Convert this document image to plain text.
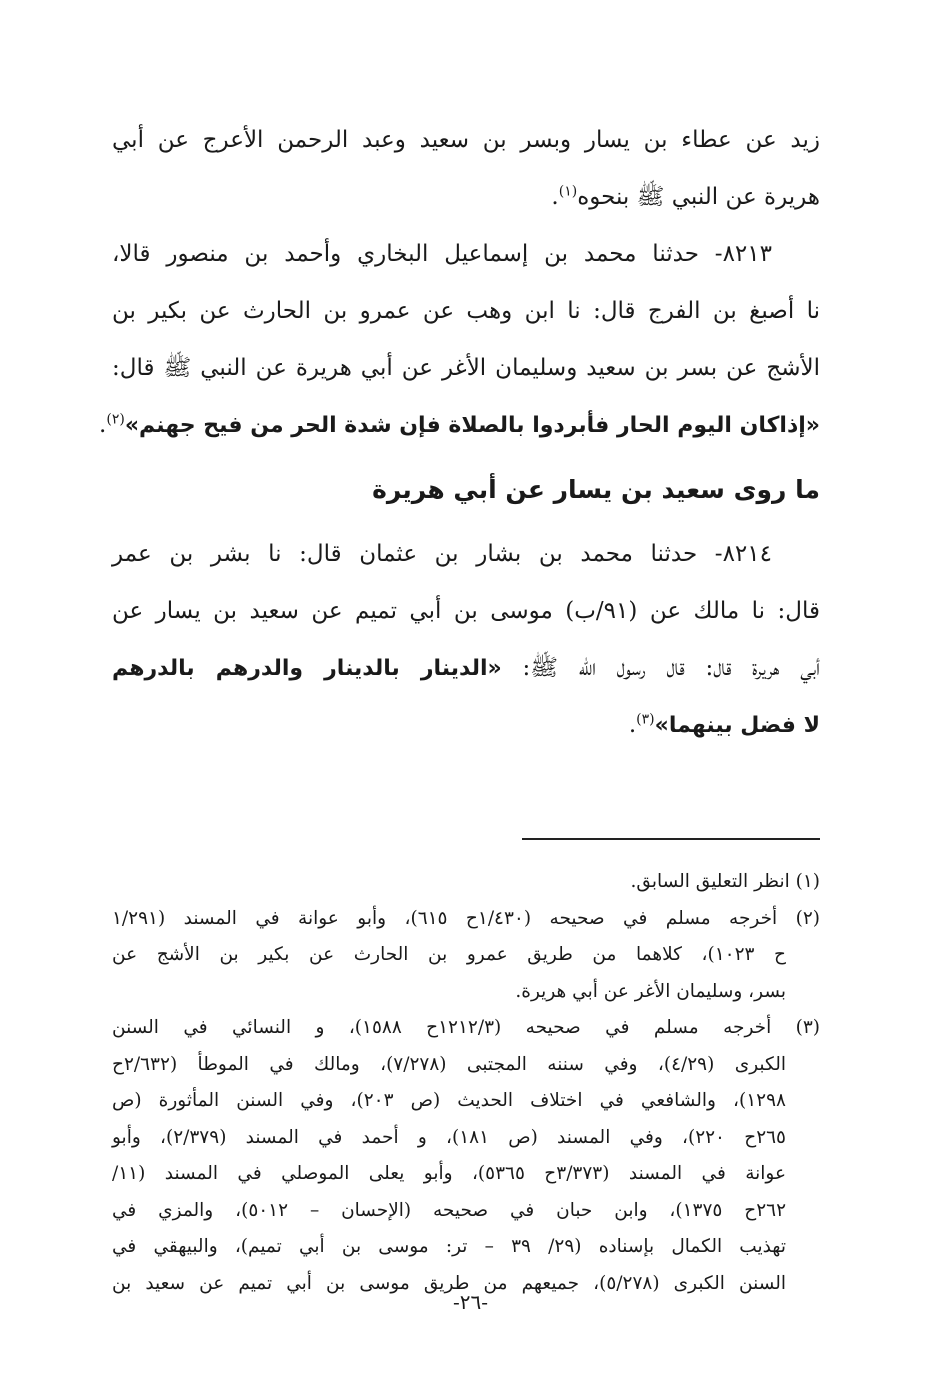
زيد عن عطاء بن يسار وبسر بن سعيد وعبد الرحمن الأعرج عن أبي
هريرة عن النبي ﷺ بنحوه$^{(١)}$.

٨٢١٣- حدثنا محمد بن إسماعيل البخاري وأحمد بن منصور قالا،
نا أصبغ بن الفرج قال: نا ابن وهب عن عمرو بن الحارث عن بكير بن
الأشج عن بسر بن سعيد وسليمان الأغر عن أبي هريرة عن النبي ﷺ قال:
«إذاكان اليوم الحار فأبردوا بالصلاة فإن شدة الحر من فيح جهنم»$^{(٢)}$.

ما روى سعيد بن يسار عن أبي هريرة

٨٢١٤- حدثنا محمد بن بشار بن عثمان قال: نا بشر بن عمر
قال: نا مالك عن (٩١/ب) موسى بن أبي تميم عن سعيد بن يسار عن
أبي هريرة قال: قال رسول الله ﷺ: «الدينار بالدينار والدرهم بالدرهم
لا فضل بينهما»$^{(٣)}$.

(١) انظر التعليق السابق.

(٢) أخرجه مسلم في صحيحه (١/٤٣٠ح ٦١٥)، وأبو عوانة في المسند (١/٢٩١
ح ١٠٢٣)، كلاهما من طريق عمرو بن الحارث عن بكير بن الأشج عن
بسر، وسليمان الأغر عن أبي هريرة.

(٣) أخرجه مسلم في صحيحه (١٢١٢/٣ح ١٥٨٨)، و النسائي في السنن
الكبرى (٤/٢٩)، وفي سننه المجتبى (٧/٢٧٨)، ومالك في الموطأ (٢/٦٣٢ح
١٢٩٨)، والشافعي في اختلاف الحديث (ص ٢٠٣)، وفي السنن المأثورة (ص
٢٦٥ح ٢٢٠)، وفي المسند (ص ١٨١)، و أحمد في المسند (٢/٣٧٩)، وأبو
عوانة في المسند (٣/٣٧٣ح ٥٣٦٥)، وأبو يعلى الموصلي في المسند (١١/
٢٦٢ح ١٣٧٥)، وابن حبان في صحيحه (الإحسان – ٥٠١٢)، والمزي في
تهذيب الكمال بإسناده (٢٩/ ٣٩ – تر: موسى بن أبي تميم)، والبيهقي في
السنن الكبرى (٥/٢٧٨)، جميعهم من طريق موسى بن أبي تميم عن سعيد بن

-٢٦-
